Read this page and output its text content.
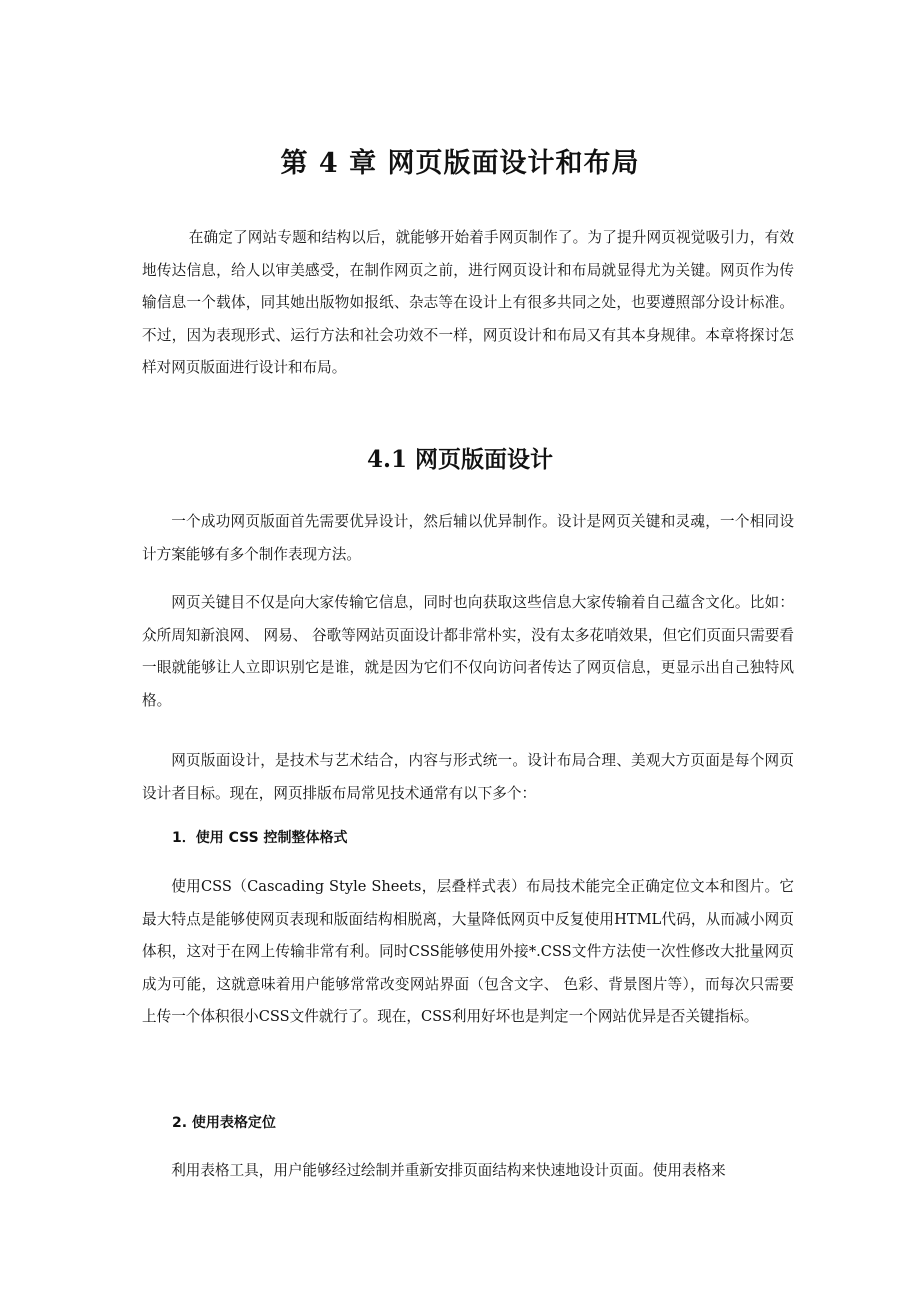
第 4 章 网页版面设计和布局

在确定了网站专题和结构以后，就能够开始着手网页制作了。为了提升网页视觉吸引力，有效地传达信息，给人以审美感受，在制作网页之前，进行网页设计和布局就显得尤为关键。网页作为传输信息一个载体，同其她出版物如报纸、杂志等在设计上有很多共同之处，也要遵照部分设计标准。不过，因为表现形式、运行方法和社会功效不一样，网页设计和布局又有其本身规律。本章将探讨怎样对网页版面进行设计和布局。

4.1 网页版面设计

一个成功网页版面首先需要优异设计，然后辅以优异制作。设计是网页关键和灵魂，一个相同设计方案能够有多个制作表现方法。

网页关键目不仅是向大家传输它信息，同时也向获取这些信息大家传输着自己蕴含文化。比如：众所周知新浪网、 网易、 谷歌等网站页面设计都非常朴实，没有太多花哨效果，但它们页面只需要看一眼就能够让人立即识别它是谁，就是因为它们不仅向访问者传达了网页信息，更显示出自己独特风格。

网页版面设计，是技术与艺术结合，内容与形式统一。设计布局合理、美观大方页面是每个网页设计者目标。现在，网页排版布局常见技术通常有以下多个：

1．使用 CSS 控制整体格式

使用CSS（Cascading Style Sheets，层叠样式表）布局技术能完全正确定位文本和图片。它最大特点是能够使网页表现和版面结构相脱离，大量降低网页中反复使用HTML代码，从而减小网页体积，这对于在网上传输非常有利。同时CSS能够使用外接*.CSS文件方法使一次性修改大批量网页成为可能，这就意味着用户能够常常改变网站界面（包含文字、 色彩、背景图片等），而每次只需要上传一个体积很小CSS文件就行了。现在，CSS利用好坏也是判定一个网站优异是否关键指标。

2. 使用表格定位

利用表格工具，用户能够经过绘制并重新安排页面结构来快速地设计页面。使用表格来
